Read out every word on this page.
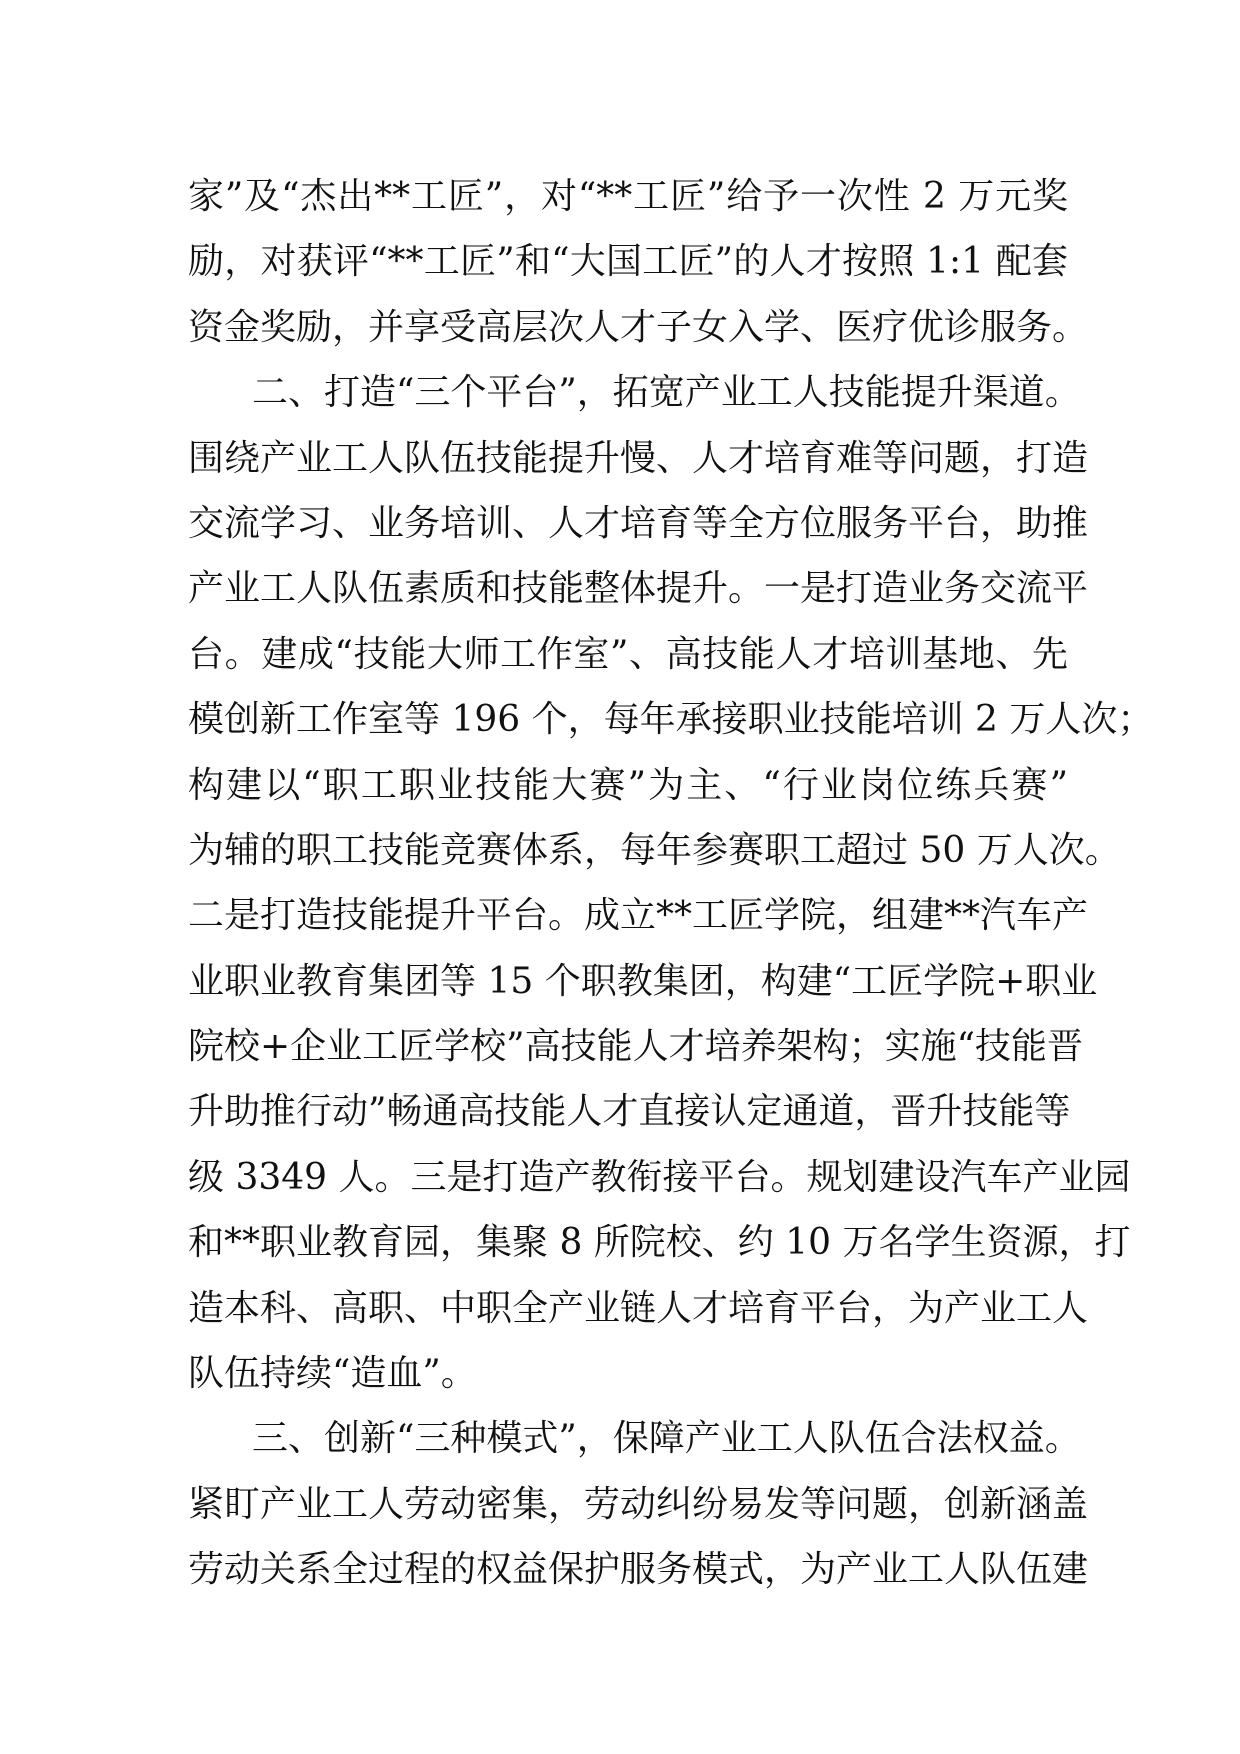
家”及“杰出**工匠”，对“**工匠”给予一次性 2 万元奖
励，对获评“**工匠”和“大国工匠”的人才按照 1:1 配套
资金奖励，并享受高层次人才子女入学、医疗优诊服务。
二、打造“三个平台”，拓宽产业工人技能提升渠道。
围绕产业工人队伍技能提升慢、人才培育难等问题，打造
交流学习、业务培训、人才培育等全方位服务平台，助推
产业工人队伍素质和技能整体提升。一是打造业务交流平
台。建成“技能大师工作室”、高技能人才培训基地、先
模创新工作室等 196 个，每年承接职业技能培训 2 万人次；
构建以“职工职业技能大赛”为主、“行业岗位练兵赛”
为辅的职工技能竞赛体系，每年参赛职工超过 50 万人次。
二是打造技能提升平台。成立**工匠学院，组建**汽车产
业职业教育集团等 15 个职教集团，构建“工匠学院+职业
院校+企业工匠学校”高技能人才培养架构；实施“技能晋
升助推行动”畅通高技能人才直接认定通道，晋升技能等
级 3349 人。三是打造产教衔接平台。规划建设汽车产业园
和**职业教育园，集聚 8 所院校、约 10 万名学生资源，打
造本科、高职、中职全产业链人才培育平台，为产业工人
队伍持续“造血”。
三、创新“三种模式”，保障产业工人队伍合法权益。
紧盯产业工人劳动密集，劳动纠纷易发等问题，创新涵盖
劳动关系全过程的权益保护服务模式，为产业工人队伍建
